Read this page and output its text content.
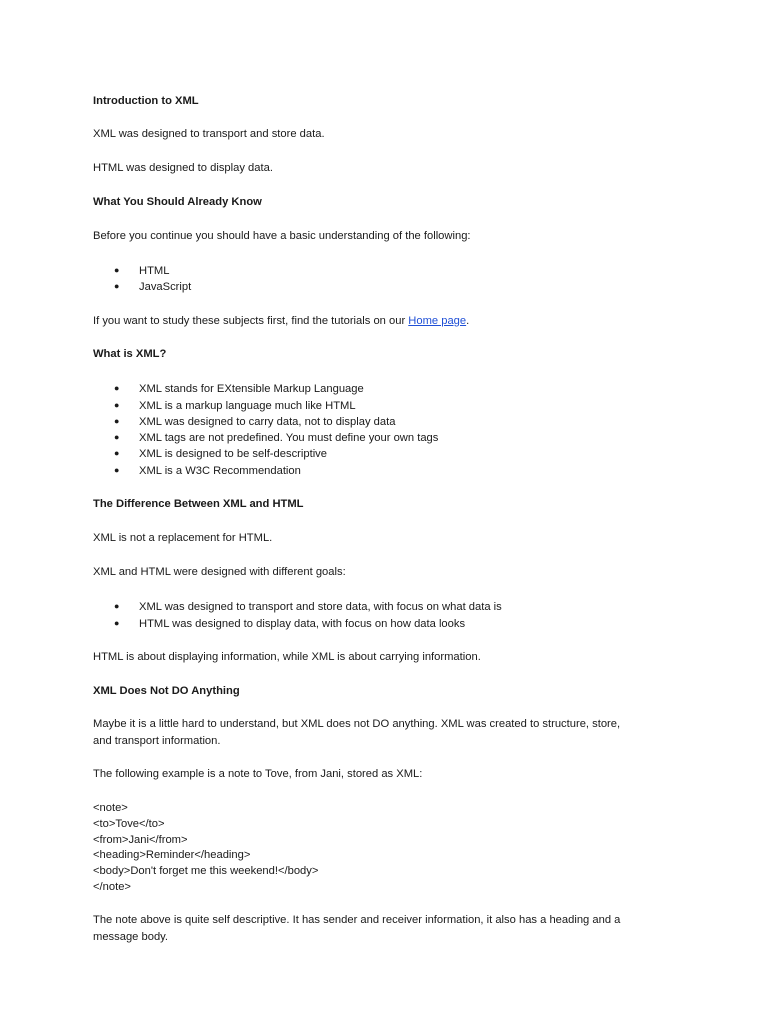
Introduction to XML
XML was designed to transport and store data.
HTML was designed to display data.
What You Should Already Know
Before you continue you should have a basic understanding of the following:
● HTML
● JavaScript
If you want to study these subjects first, find the tutorials on our Home page.
What is XML?
● XML stands for EXtensible Markup Language
● XML is a markup language much like HTML
● XML was designed to carry data, not to display data
● XML tags are not predefined. You must define your own tags
● XML is designed to be self-descriptive
● XML is a W3C Recommendation
The Difference Between XML and HTML
XML is not a replacement for HTML.
XML and HTML were designed with different goals:
● XML was designed to transport and store data, with focus on what data is
● HTML was designed to display data, with focus on how data looks
HTML is about displaying information, while XML is about carrying information.
XML Does Not DO Anything
Maybe it is a little hard to understand, but XML does not DO anything. XML was created to structure, store,
and transport information.
The following example is a note to Tove, from Jani, stored as XML:
<note>
<to>Tove</to>
<from>Jani</from>
<heading>Reminder</heading>
<body>Don't forget me this weekend!</body>
</note>
The note above is quite self descriptive. It has sender and receiver information, it also has a heading and a
message body.
